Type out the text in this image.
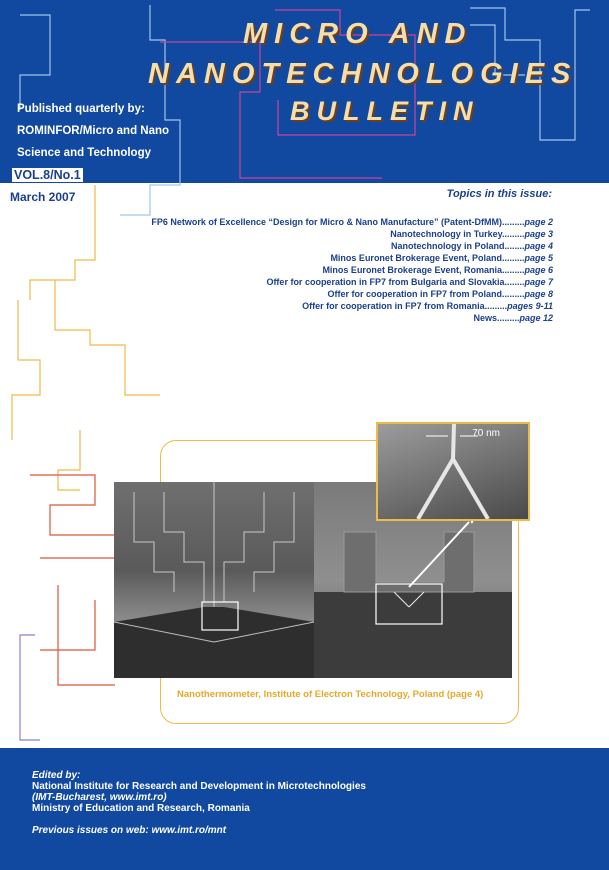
MICRO AND
NANOTECHNOLOGIES
BULLETIN
Published quarterly by:
ROMINFOR/Micro and Nano
Science and Technology
VOL.8/No.1
March 2007	Topics in this issue:
FP6 Network of Excellence “Design for Micro & Nano Manufacture” (Patent-DfMM).........page 2
Nanotechnology in Turkey.........page 3
Nanotechnology in Poland........page 4
Minos Euronet Brokerage Event, Poland.........page 5
Minos Euronet Brokerage Event, Romania.........page 6
Offer for cooperation in FP7 from Bulgaria and Slovakia........page 7
Offer for cooperation in FP7 from Poland.........page 8
Offer for cooperation in FP7 from Romania.........pages 9-11
News.........page 12
70 nm
Nanothermometer, Institute of Electron Technology, Poland (page 4)
Edited by:
National Institute for Research and Development in Microtechnologies
(IMT-Bucharest, www.imt.ro)
Ministry of Education and Research, Romania
Previous issues on web: www.imt.ro/mnt
